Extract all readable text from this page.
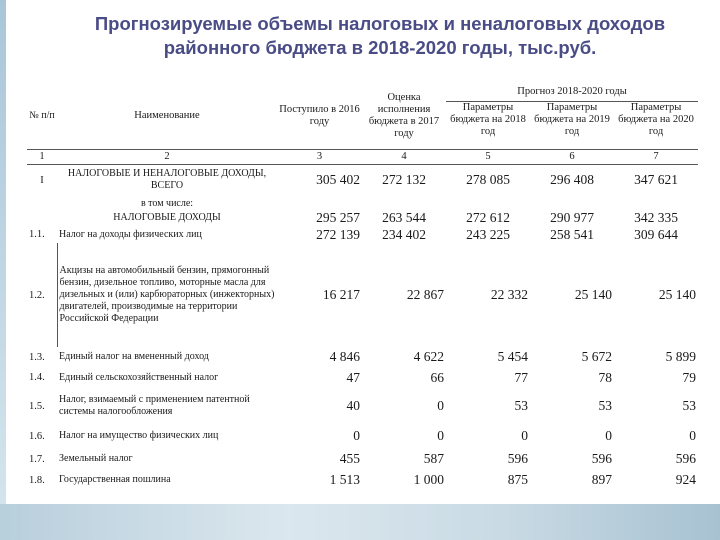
Прогнозируемые объемы налоговых и неналоговых доходов
районного бюджета в 2018-2020 годы, тыс.руб.
№ п/п	Наименование	Поступило в 2016 году	Оценка исполнения бюджета в 2017 году	Прогноз 2018-2020 годы		
				Параметры бюджета на 2018 год	Параметры бюджета на 2019 год	Параметры бюджета на 2020 год
1	2	3	4	5	6	7
I	НАЛОГОВЫЕ И НЕНАЛОГОВЫЕ ДОХОДЫ, ВСЕГО	305 402	272 132	278 085	296 408	347 621
	в том числе:					
	НАЛОГОВЫЕ ДОХОДЫ	295 257	263 544	272 612	290 977	342 335
1.1.	Налог на доходы физических лиц	272 139	234 402	243 225	258 541	309 644
1.2.	Акцизы на автомобильный бензин, прямогонный бензин, дизельное топливо, моторные масла для дизельных и (или) карбюраторных (инжекторных) двигателей, производимые на территории Российской Федерации	16 217	22 867	22 332	25 140	25 140
1.3.	Единый налог на вмененный доход	4 846	4 622	5 454	5 672	5 899
1.4.	Единый сельскохозяйственный налог	47	66	77	78	79
1.5.	Налог, взимаемый с применением патентной системы налогообложения	40	0	53	53	53
1.6.	Налог на имущество физических лиц	0	0	0	0	0
1.7.	Земельный налог	455	587	596	596	596
1.8.	Государственная пошлина	1 513	1 000	875	897	924
